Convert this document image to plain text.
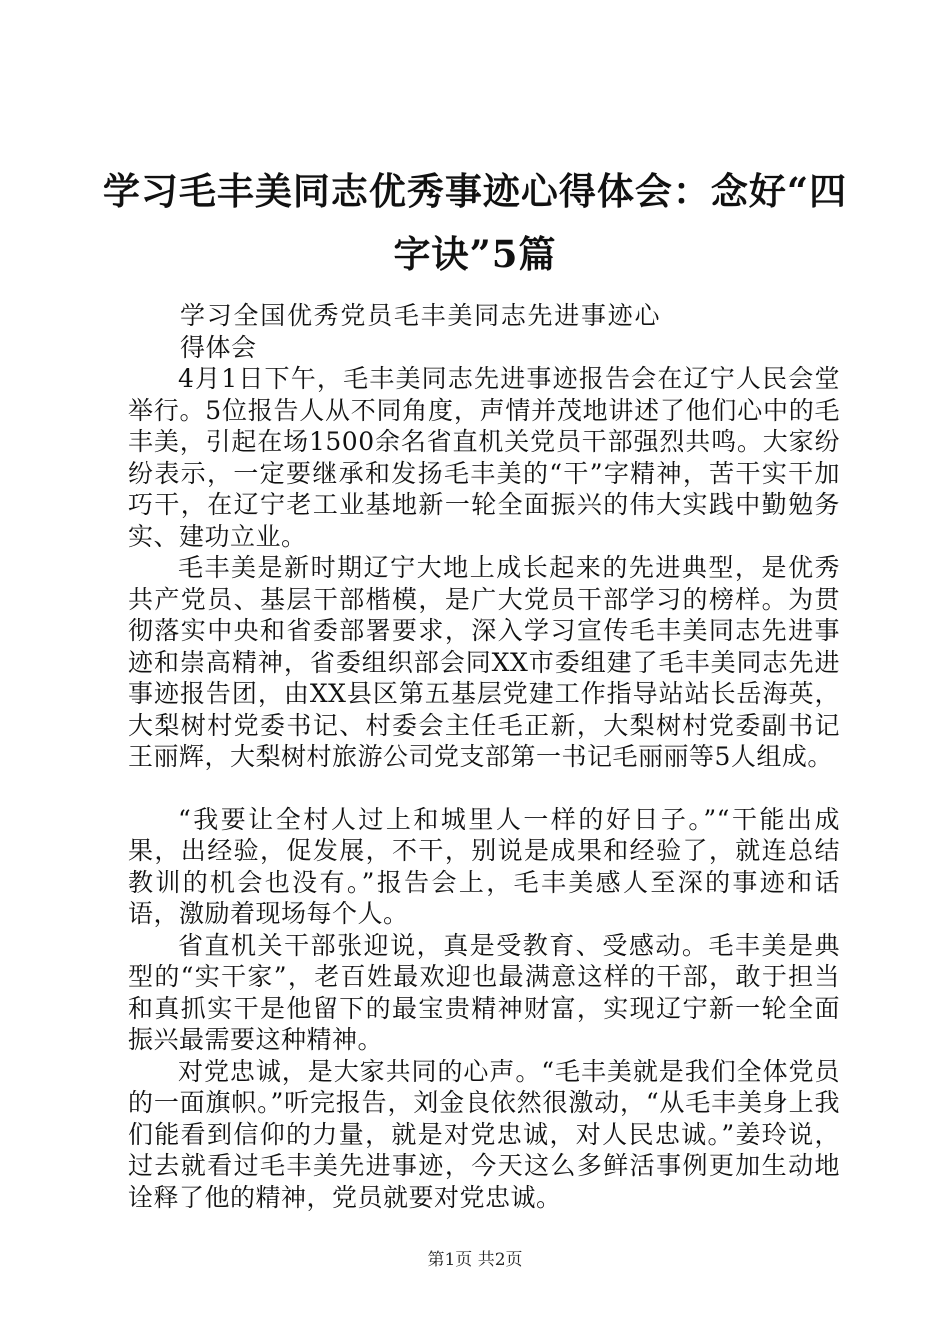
学习毛丰美同志优秀事迹心得体会：念好“四字诀”5篇

学习全国优秀党员毛丰美同志先进事迹心得体会

4月1日下午，毛丰美同志先进事迹报告会在辽宁人民会堂举行。5位报告人从不同角度，声情并茂地讲述了他们心中的毛丰美，引起在场1500余名省直机关党员干部强烈共鸣。大家纷纷表示，一定要继承和发扬毛丰美的“干”字精神，苦干实干加巧干，在辽宁老工业基地新一轮全面振兴的伟大实践中勤勉务实、建功立业。

毛丰美是新时期辽宁大地上成长起来的先进典型，是优秀共产党员、基层干部楷模，是广大党员干部学习的榜样。为贯彻落实中央和省委部署要求，深入学习宣传毛丰美同志先进事迹和崇高精神，省委组织部会同XX市委组建了毛丰美同志先进事迹报告团，由XX县区第五基层党建工作指导站站长岳海英，大梨树村党委书记、村委会主任毛正新，大梨树村党委副书记王丽辉，大梨树村旅游公司党支部第一书记毛丽丽等5人组成。

“我要让全村人过上和城里人一样的好日子。”“干能出成果，出经验，促发展，不干，别说是成果和经验了，就连总结教训的机会也没有。”报告会上，毛丰美感人至深的事迹和话语，激励着现场每个人。

省直机关干部张迎说，真是受教育、受感动。毛丰美是典型的“实干家”，老百姓最欢迎也最满意这样的干部，敢于担当和真抓实干是他留下的最宝贵精神财富，实现辽宁新一轮全面振兴最需要这种精神。

对党忠诚，是大家共同的心声。“毛丰美就是我们全体党员的一面旗帜。”听完报告，刘金良依然很激动，“从毛丰美身上我们能看到信仰的力量，就是对党忠诚，对人民忠诚。”姜玲说，过去就看过毛丰美先进事迹，今天这么多鲜活事例更加生动地诠释了他的精神，党员就要对党忠诚。

第1页 共2页
